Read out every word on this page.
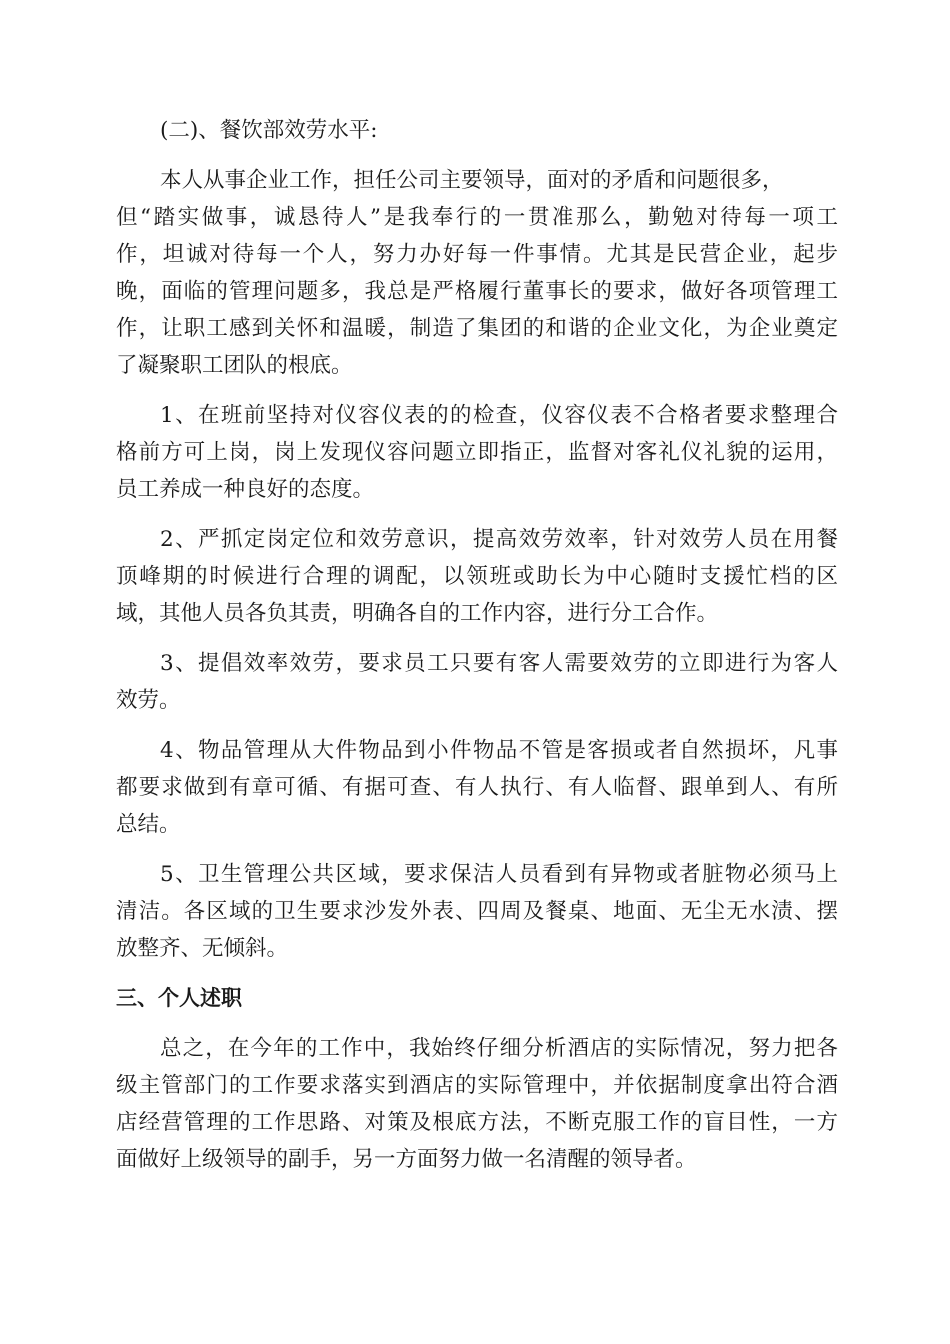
(二)、餐饮部效劳水平:
本人从事企业工作，担任公司主要领导，面对的矛盾和问题很多，
但“踏实做事，诚恳待人”是我奉行的一贯准那么，勤勉对待每一项工
作，坦诚对待每一个人，努力办好每一件事情。尤其是民营企业，起步
晚，面临的管理问题多，我总是严格履行董事长的要求，做好各项管理工
作，让职工感到关怀和温暖，制造了集团的和谐的企业文化，为企业奠定
了凝聚职工团队的根底。
1、在班前坚持对仪容仪表的的检查，仪容仪表不合格者要求整理合
格前方可上岗，岗上发现仪容问题立即指正，监督对客礼仪礼貌的运用，
员工养成一种良好的态度。
2、严抓定岗定位和效劳意识，提高效劳效率，针对效劳人员在用餐
顶峰期的时候进行合理的调配，以领班或助长为中心随时支援忙档的区
域，其他人员各负其责，明确各自的工作内容，进行分工合作。
3、提倡效率效劳，要求员工只要有客人需要效劳的立即进行为客人
效劳。
4、物品管理从大件物品到小件物品不管是客损或者自然损坏，凡事
都要求做到有章可循、有据可查、有人执行、有人临督、跟单到人、有所
总结。
5、卫生管理公共区域，要求保洁人员看到有异物或者脏物必须马上
清洁。各区域的卫生要求沙发外表、四周及餐桌、地面、无尘无水渍、摆
放整齐、无倾斜。
三、个人述职
总之，在今年的工作中，我始终仔细分析酒店的实际情况，努力把各
级主管部门的工作要求落实到酒店的实际管理中，并依据制度拿出符合酒
店经营管理的工作思路、对策及根底方法，不断克服工作的盲目性，一方
面做好上级领导的副手，另一方面努力做一名清醒的领导者。
